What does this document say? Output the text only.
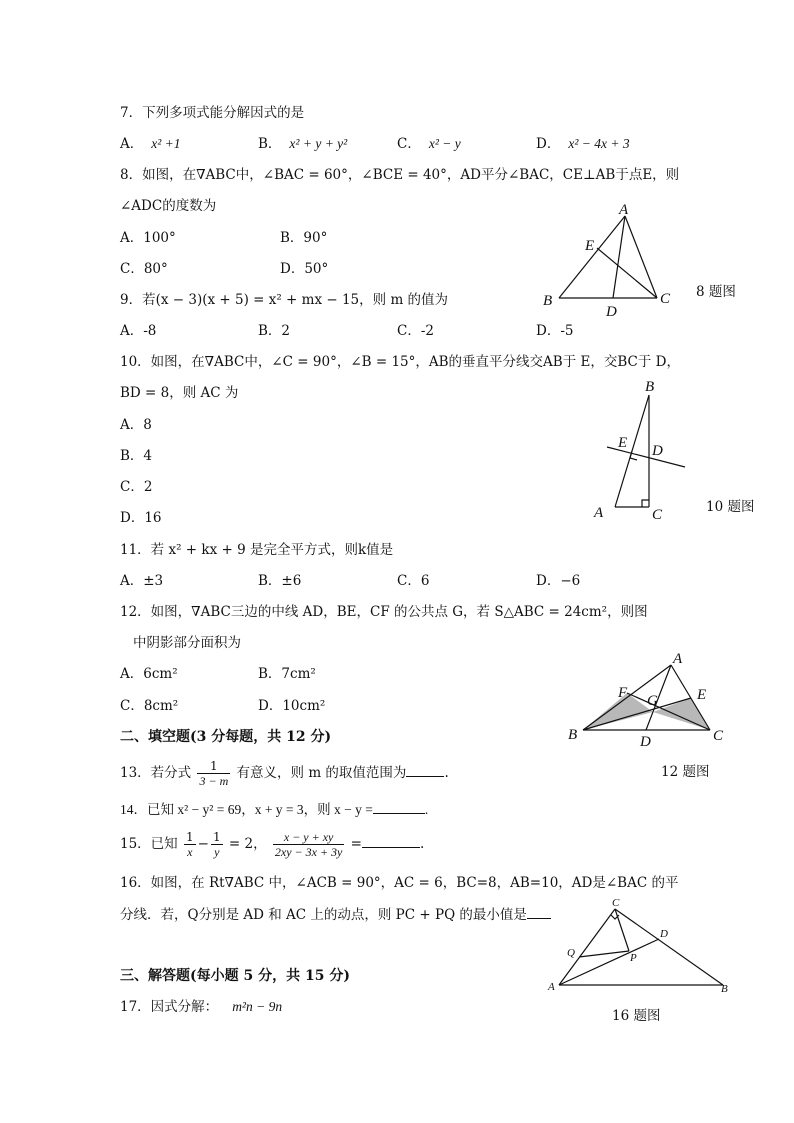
7．下列多项式能分解因式的是
A． x² +1	B． x² + y + y²	C． x² − y	D． x² − 4x + 3
8．如图，在∇ABC中，∠BAC = 60°，∠BCE = 40°，AD平分∠BAC，CE⊥AB于点E，则
∠ADC的度数为
A．100°	B．90°
C．80°	D．50°
A
E
B	C
D
8 题图
9．若(x − 3)(x + 5) = x² + mx − 15，则 m 的值为
A．-8	B．2	C．-2	D．-5
10．如图，在∇ABC中，∠C = 90°，∠B = 15°，AB的垂直平分线交AB于 E，交BC于 D，
BD = 8，则 AC 为
A．8
B．4
C．2
D．16
B
E D
A	C	10 题图
11．若 x² + kx + 9 是完全平方式，则k值是
A．±3	B．±6	C．6	D．−6
12．如图，∇ABC三边的中线 AD，BE，CF 的公共点 G，若 S△ABC = 24cm²，则图
中阴影部分面积为
A．6cm²	B．7cm²
C．8cm²	D．10cm²
A
F G	E
B	C
D
12 题图
二、填空题(3 分每题，共 12 分)
13．若分式 $\frac{1}{3 - m}$ 有意义，则 m 的取值范围为	.
14．已知 x² − y² = 69，x + y = 3，则 x − y =	.
15．已知 $\frac{1}{x} - \frac{1}{y} = 2$， $\frac{x - y + xy}{2xy - 3x + 3y}$ =	.
16．如图，在 Rt∇ABC 中，∠ACB = 90°，AC = 6，BC=8，AB=10，AD是∠BAC 的平
分线．若，Q分别是 AD 和 AC 上的动点，则 PC + PQ 的最小值是
C
D
Q	P
A	B
16 题图
三、解答题(每小题 5 分，共 15 分)
17．因式分解： m²n − 9n
